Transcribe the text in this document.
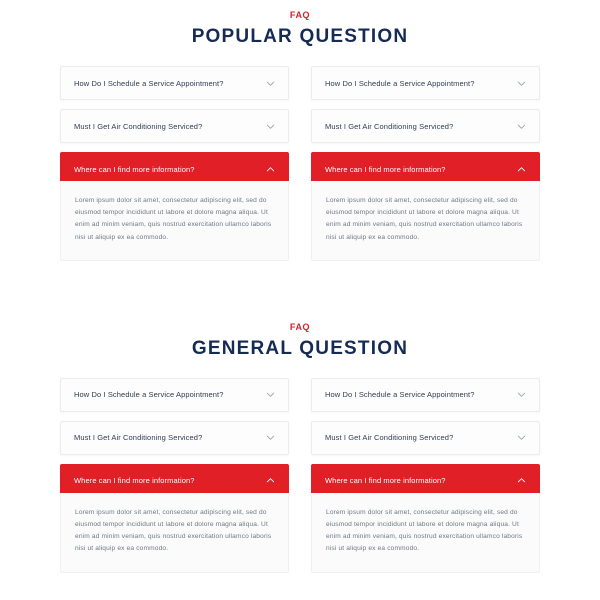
FAQ
POPULAR QUESTION
How Do I Schedule a Service Appointment?
Must I Get Air Conditioning Serviced?
Where can I find more information?

Lorem ipsum dolor sit amet, consectetur adipiscing elit, sed do eiusmod tempor incididunt ut labore et dolore magna aliqua. Ut enim ad minim veniam, quis nostrud exercitation ullamco laboris nisi ut aliquip ex ea commodo.

How Do I Schedule a Service Appointment?
Must I Get Air Conditioning Serviced?
Where can I find more information?

Lorem ipsum dolor sit amet, consectetur adipiscing elit, sed do eiusmod tempor incididunt ut labore et dolore magna aliqua. Ut enim ad minim veniam, quis nostrud exercitation ullamco laboris nisi ut aliquip ex ea commodo.

FAQ
GENERAL QUESTION
How Do I Schedule a Service Appointment?
Must I Get Air Conditioning Serviced?
Where can I find more information?

Lorem ipsum dolor sit amet, consectetur adipiscing elit, sed do eiusmod tempor incididunt ut labore et dolore magna aliqua. Ut enim ad minim veniam, quis nostrud exercitation ullamco laboris nisi ut aliquip ex ea commodo.

How Do I Schedule a Service Appointment?
Must I Get Air Conditioning Serviced?
Where can I find more information?

Lorem ipsum dolor sit amet, consectetur adipiscing elit, sed do eiusmod tempor incididunt ut labore et dolore magna aliqua. Ut enim ad minim veniam, quis nostrud exercitation ullamco laboris nisi ut aliquip ex ea commodo.
